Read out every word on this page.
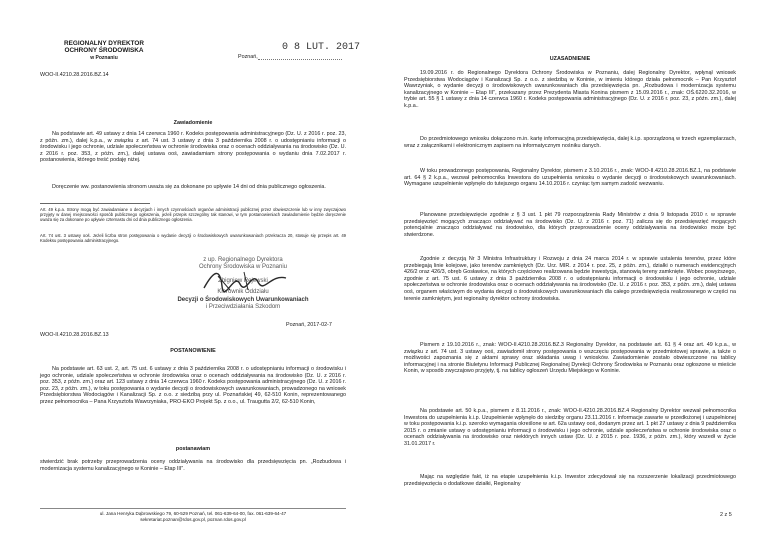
REGIONALNY DYREKTOR
OCHRONY ŚRODOWISKA
w Poznaniu	Poznań,
0 8 LUT. 2017
WOO-II.4210.28.2016.BZ.14
Zawiadomienie
Na podstawie art. 49 ustawy z dnia 14 czerwca 1960 r. Kodeks postępowania administracyjnego (Dz. U. z 2016 r. poz. 23, z późn. zm.), dalej k.p.a., w związku z art. 74 ust. 3 ustawy z dnia 3 października 2008 r. o udostępnianiu informacji o środowisku i jego ochronie, udziale społeczeństwa w ochronie środowiska oraz o ocenach oddziaływania na środowisko (Dz. U. z 2016 r. poz. 353, z późn. zm.), dalej ustawa ooś, zawiadamiam strony postępowania o wydaniu dnia 7.02.2017 r. postanowienia, którego treść podaję niżej.
Doręczenie ww. postanowienia stronom uważa się za dokonane po upływie 14 dni od dnia publicznego ogłoszenia.
Art. 49 k.p.a. Strony mogą być zawiadamiane o decyzjach i innych czynnościach organów administracji publicznej przez obwieszczenie lub w inny zwyczajowo przyjęty w danej miejscowości sposób publicznego ogłoszenia, jeżeli przepis szczególny tak stanowi, w tym postanowieniach zawiadomienie będzie doręczenie uważa się za dokonane po upływie czternastu dni od dnia publicznego ogłoszenia.
Art. 74 ust. 3 ustawy ooś. Jeżeli liczba stron postępowania o wydanie decyzji o środowiskowych uwarunkowaniach przekracza 20, stosuje się przepis art. 49 Kodeksu postępowania administracyjnego.
z up. Regionalnego Dyrektora
Ochrony Środowiska w Poznaniu
Zbigniew Rejewski
Kierownik Oddziału
Decyzji o Środowiskowych Uwarunkowaniach
i Przeciwdziałania Szkodom
Poznań, 2017-02-7
WOO-II.4210.28.2016.BZ.13
POSTANOWIENIE
Na podstawie art. 63 ust. 2, art. 75 ust. 6 ustawy z dnia 3 października 2008 r. o udostępnianiu informacji o środowisku i jego ochronie, udziale społeczeństwa w ochronie środowiska oraz o ocenach oddziaływania na środowisko (Dz. U. z 2016 r. poz. 353, z późn. zm.) oraz art. 123 ustawy z dnia 14 czerwca 1960 r. Kodeks postępowania administracyjnego (Dz. U. z 2016 r. poz. 23, z późn. zm.), w toku postępowania o wydanie decyzji o środowiskowych uwarunkowaniach, prowadzonego na wniosek Przedsiębiorstwa Wodociągów i Kanalizacji Sp. z o.o. z siedzibą przy ul. Poznańskiej 49, 62-510 Konin, reprezentowanego przez pełnomocnika – Pana Krzysztofa Wawrzyniaka, PRO-EKO Projekt Sp. z o.o., ul. Traugutta 2/2, 62-510 Konin,
postanawiam
stwierdzić brak potrzeby przeprowadzenia oceny oddziaływania na środowisko dla przedsięwzięcia pn. „Rozbudowa i modernizacja systemu kanalizacyjnego w Koninie – Etap III”.
ul. Jana Henryka Dąbrowskiego 79, 60-529 Poznań, tel. 061-639-64-00, fax. 061-639-64-47
sekretariat.poznan@rdos.gov.pl, poznan.rdos.gov.pl
UZASADNIENIE
19.09.2016 r. do Regionalnego Dyrektora Ochrony Środowiska w Poznaniu, dalej Regionalny Dyrektor, wpłynął wniosek Przedsiębiorstwa Wodociągów i Kanalizacji Sp. z o.o. z siedzibą w Koninie, w imieniu którego działa pełnomocnik – Pan Krzysztof Wawrzyniak, o wydanie decyzji o środowiskowych uwarunkowaniach dla przedsięwzięcia pn. „Rozbudowa i modernizacja systemu kanalizacyjnego w Koninie – Etap III”, przekazany przez Prezydenta Miasta Konina pismem z 15.09.2016 r., znak: OŚ.6220.32.2016, w trybie art. 55 § 1 ustawy z dnia 14 czerwca 1960 r. Kodeks postępowania administracyjnego (Dz. U. z 2016 r. poz. 23, z późn. zm.), dalej k.p.a..
Do przedmiotowego wniosku dołączono m.in. kartę informacyjną przedsięwzięcia, dalej k.i.p. sporządzoną w trzech egzemplarzach, wraz z załącznikami i elektronicznym zapisem na informatycznym nośniku danych.
W toku prowadzonego postępowania, Regionalny Dyrektor, pismem z 3.10.2016 r., znak: WOO-II.4210.28.2016.BZ.1, na podstawie art. 64 § 2 k.p.a., wezwał pełnomocnika Inwestora do uzupełnienia wniosku o wydanie decyzji o środowiskowych uwarunkowaniach. Wymagane uzupełnienie wpłynęło do tutejszego organu 14.10.2016 r. czyniąc tym samym zadość wezwaniu.
Planowane przedsięwzięcie zgodnie z § 3 ust. 1 pkt 79 rozporządzenia Rady Ministrów z dnia 9 listopada 2010 r. w sprawie przedsięwzięć mogących znacząco oddziaływać na środowisko (Dz. U. z 2016 r. poz. 71) zalicza się do przedsięwzięć mogących potencjalnie znacząco oddziaływać na środowisko, dla których przeprowadzenie oceny oddziaływania na środowisko może być stwierdzone.
Zgodnie z decyzją Nr 3 Ministra Infrastruktury i Rozwoju z dnia 24 marca 2014 r. w sprawie ustalenia terenów, przez które przebiegają linie kolejowe, jako terenów zamkniętych (Dz. Urz. MIR. z 2014 r. poz. 25, z późn. zm.), działki o numerach ewidencyjnych 426/2 oraz 426/3, obręb Gosławice, na których częściowo realizowana będzie inwestycja, stanowią tereny zamknięte. Wobec powyższego, zgodnie z art. 75 ust. 6 ustawy z dnia 3 października 2008 r. o udostępnianiu informacji o środowisku i jego ochronie, udziale społeczeństwa w ochronie środowiska oraz o ocenach oddziaływania na środowisko (Dz. U. z 2016 r. poz. 353, z późn. zm.), dalej ustawa ooś, organem właściwym do wydania decyzji o środowiskowych uwarunkowaniach dla całego przedsięwzięcia realizowanego w części na terenie zamkniętym, jest regionalny dyrektor ochrony środowiska.
Pismem z 19.10.2016 r., znak: WOO-II.4210.28.2016.BZ.3 Regionalny Dyrektor, na podstawie art. 61 § 4 oraz art. 49 k.p.a., w związku z art. 74 ust. 3 ustawy ooś, zawiadomił strony postępowania o wszczęciu postępowania w przedmiotowej sprawie, a także o możliwości zapoznania się z aktami sprawy oraz składania uwag i wniosków. Zawiadomienie zostało obwieszczone na tablicy informacyjnej i na stronie Biuletynu Informacji Publicznej Regionalnej Dyrekcji Ochrony Środowiska w Poznaniu oraz ogłoszone w mieście Konin, w sposób zwyczajowo przyjęty, tj. na tablicy ogłoszeń Urzędu Miejskiego w Koninie.
Na podstawie art. 50 k.p.a., pismem z 8.11.2016 r., znak: WOO-II.4210.28.2016.BZ.4 Regionalny Dyrektor wezwał pełnomocnika Inwestora do uzupełnienia k.i.p. Uzupełnienie wpłynęło do siedziby organu 23.11.2016 r. Informacje zawarte w przedłożonej i uzupełnionej w toku postępowania k.i.p. szeroko wymagania określone w art. 62a ustawy ooś, dodanym przez art. 1 pkt 27 ustawy z dnia 9 października 2015 r. o zmianie ustawy o udostępnianiu informacji o środowisku i jego ochronie, udziale społeczeństwa w ochronie środowiska oraz o ocenach oddziaływania na środowisko oraz niektórych innych ustaw (Dz. U. z 2015 r. poz. 1936, z późn. zm.), który wszedł w życie 31.01.2017 r.
Mając na względzie fakt, iż na etapie uzupełnienia k.i.p. Inwestor zdecydował się na rozszerzenie lokalizacji przedmiotowego przedsięwzięcia o dodatkowe działki, Regionalny
2 z 5
